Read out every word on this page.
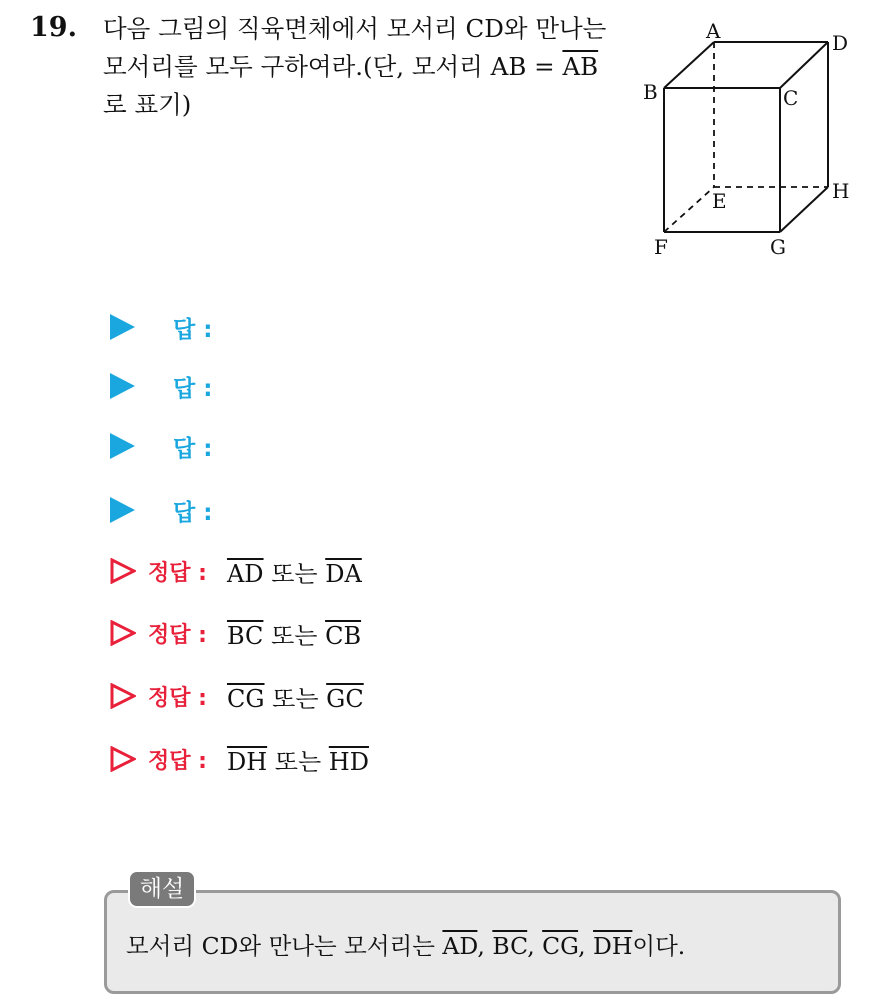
19. 다음 그림의 직육면체에서 모서리 CD와 만나는 모서리를 모두 구하여라.(단, 모서리 AB = $\overline{AB}$로 표기)
A	D
B	C
E	H
F	G
답 :
답 :
답 :
답 :
정답 : $\overline{AD}$ 또는 $\overline{DA}$
정답 : $\overline{BC}$ 또는 $\overline{CB}$
정답 : $\overline{CG}$ 또는 $\overline{GC}$
정답 : $\overline{DH}$ 또는 $\overline{HD}$
해설
모서리 CD와 만나는 모서리는 $\overline{AD}$, $\overline{BC}$, $\overline{CG}$, $\overline{DH}$이다.
